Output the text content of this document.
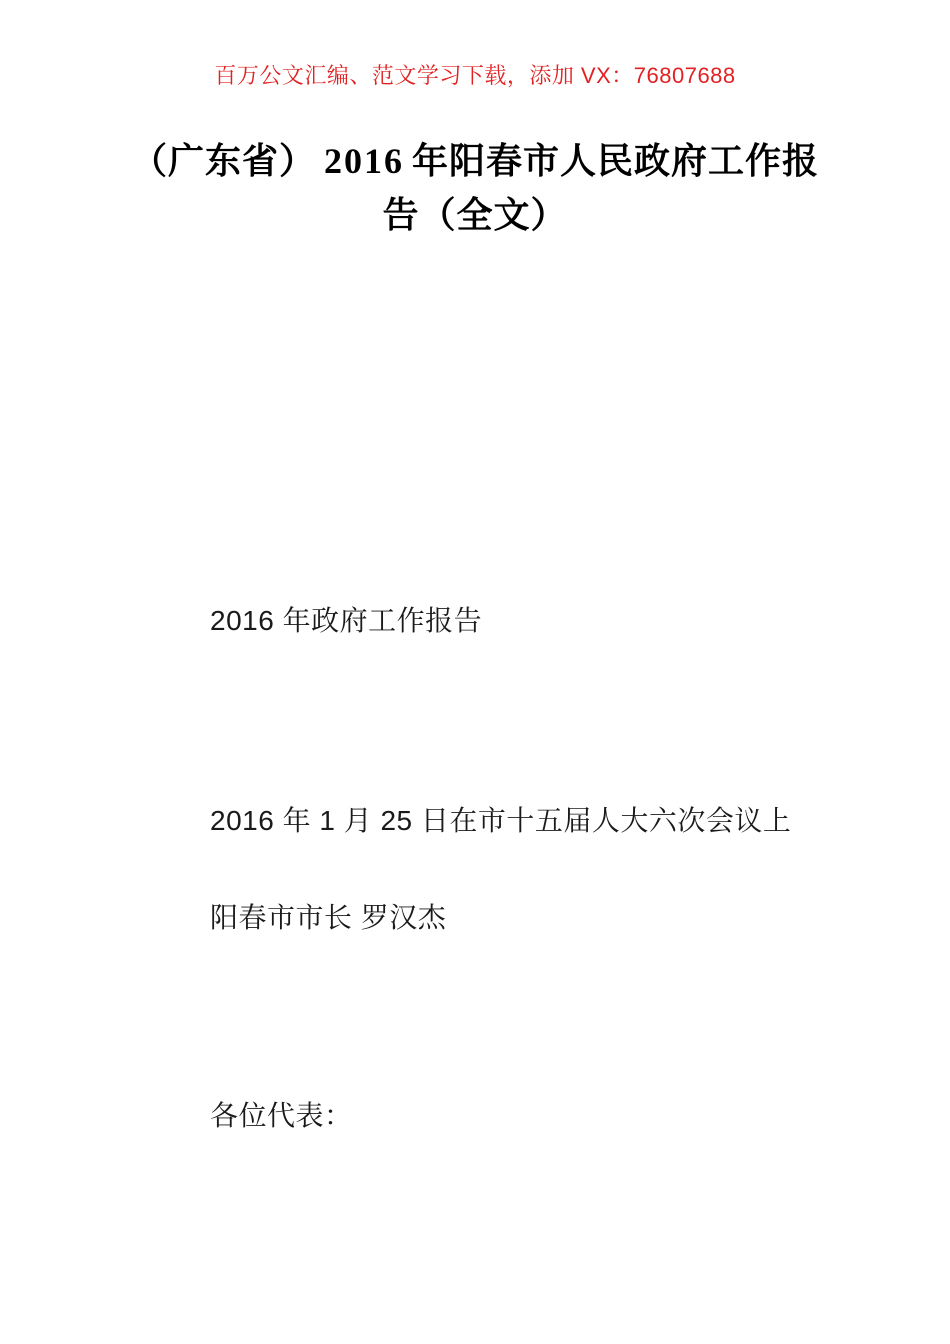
百万公文汇编、范文学习下载，添加 VX：76807688
（广东省） 2016 年阳春市人民政府工作报
告（全文）

2016 年政府工作报告

2016 年 1 月 25 日在市十五届人大六次会议上

阳春市市长 罗汉杰

各位代表：
